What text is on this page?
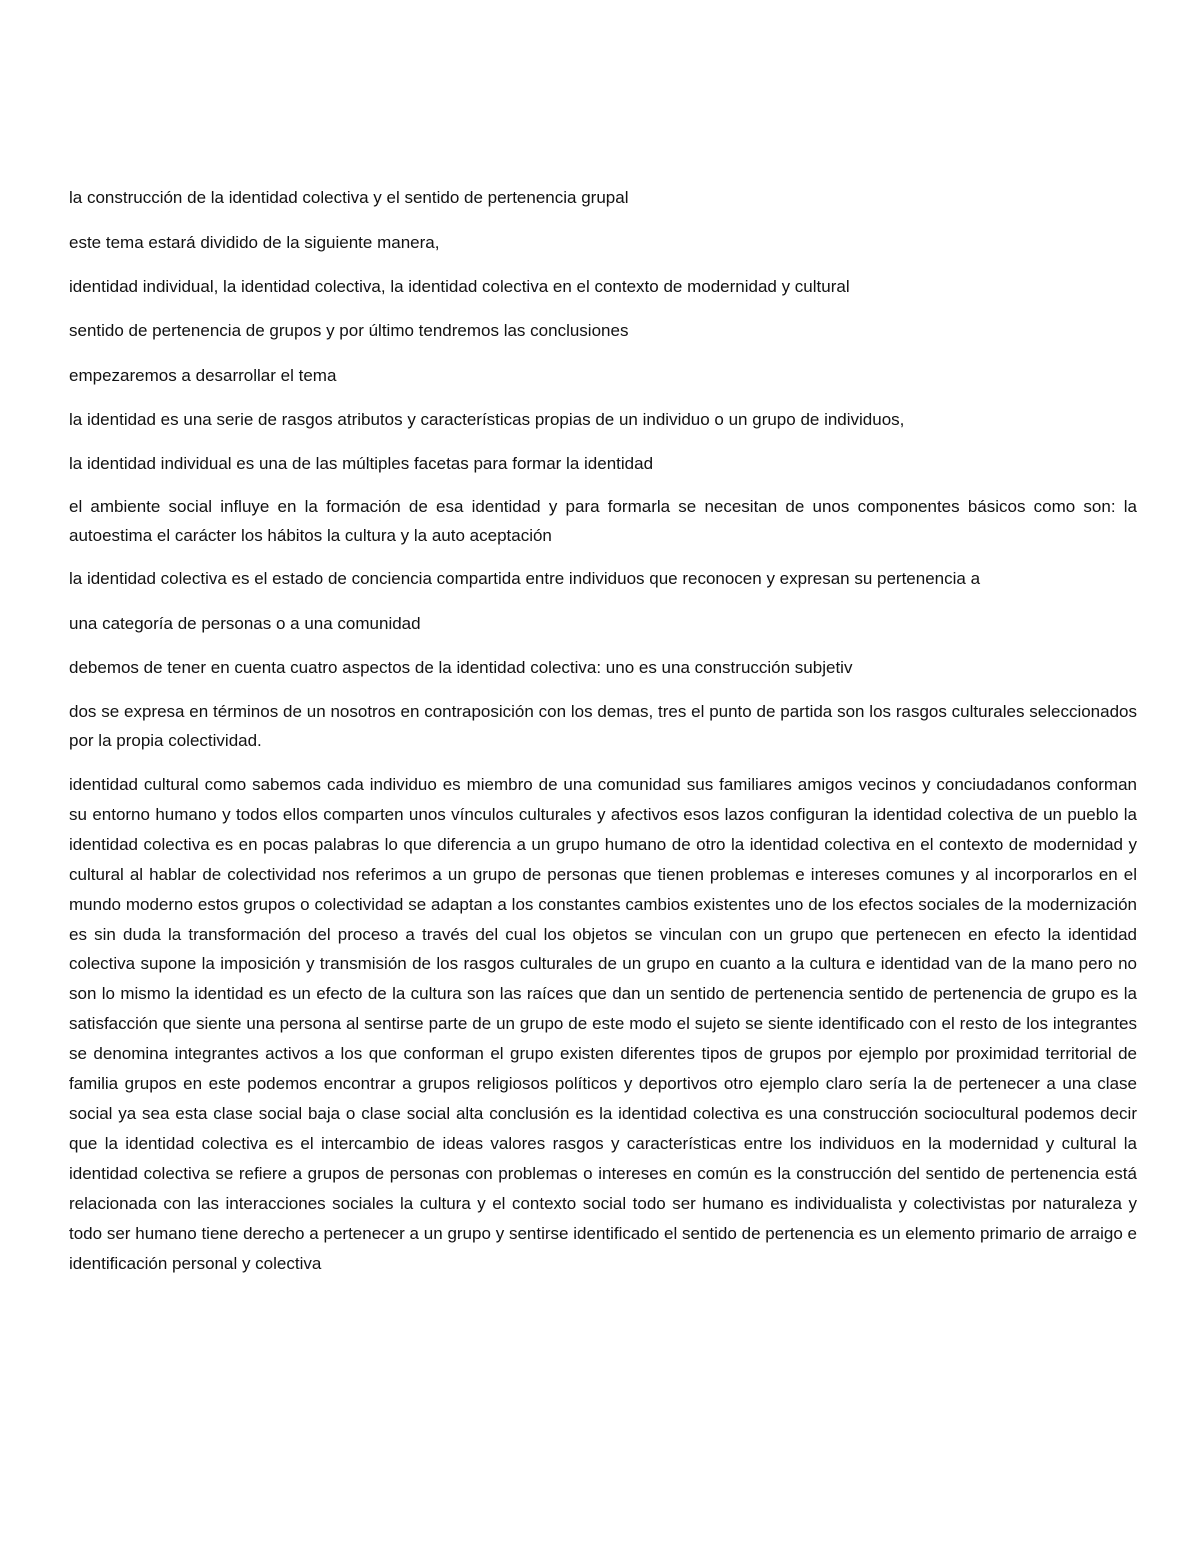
la construcción de la identidad colectiva y el sentido de pertenencia grupal

este tema estará dividido de la siguiente manera,

identidad individual, la identidad colectiva, la identidad colectiva en el contexto de modernidad y cultural

sentido de pertenencia de grupos y por último tendremos las conclusiones

empezaremos a desarrollar el tema

la identidad es una serie de rasgos atributos y características propias de un individuo o un grupo de individuos,

la identidad individual es una de las múltiples facetas para formar la identidad

el ambiente social influye en la formación de esa identidad y para formarla se necesitan de unos componentes básicos como son: la autoestima el carácter los hábitos la cultura y la auto aceptación

la identidad colectiva es el estado de conciencia compartida entre individuos que reconocen y expresan su pertenencia a

una categoría de personas o a una comunidad

debemos de tener en cuenta cuatro aspectos de la identidad colectiva: uno es una construcción subjetiv

dos se expresa en términos de un nosotros en contraposición con los demas, tres el punto de partida son los rasgos culturales seleccionados por la propia colectividad.

identidad cultural como sabemos cada individuo es miembro de una comunidad sus familiares amigos vecinos y conciudadanos conforman su entorno humano y todos ellos comparten unos vínculos culturales y afectivos esos lazos configuran la identidad colectiva de un pueblo la identidad colectiva es en pocas palabras lo que diferencia a un grupo humano de otro la identidad colectiva en el contexto de modernidad y cultural al hablar de colectividad nos referimos a un grupo de personas que tienen problemas e intereses comunes y al incorporarlos en el mundo moderno estos grupos o colectividad se adaptan a los constantes cambios existentes uno de los efectos sociales de la modernización es sin duda la transformación del proceso a través del cual los objetos se vinculan con un grupo que pertenecen en efecto la identidad colectiva supone la imposición y transmisión de los rasgos culturales de un grupo en cuanto a la cultura e identidad van de la mano pero no son lo mismo la identidad es un efecto de la cultura son las raíces que dan un sentido de pertenencia sentido de pertenencia de grupo es la satisfacción que siente una persona al sentirse parte de un grupo de este modo el sujeto se siente identificado con el resto de los integrantes se denomina integrantes activos a los que conforman el grupo existen diferentes tipos de grupos por ejemplo por proximidad territorial de familia grupos en este podemos encontrar a grupos religiosos políticos y deportivos otro ejemplo claro sería la de pertenecer a una clase social ya sea esta clase social baja o clase social alta conclusión es la identidad colectiva es una construcción sociocultural podemos decir que la identidad colectiva es el intercambio de ideas valores rasgos y características entre los individuos en la modernidad y cultural la identidad colectiva se refiere a grupos de personas con problemas o intereses en común es la construcción del sentido de pertenencia está relacionada con las interacciones sociales la cultura y el contexto social todo ser humano es individualista y colectivistas por naturaleza y todo ser humano tiene derecho a pertenecer a un grupo y sentirse identificado el sentido de pertenencia es un elemento primario de arraigo e identificación personal y colectiva
